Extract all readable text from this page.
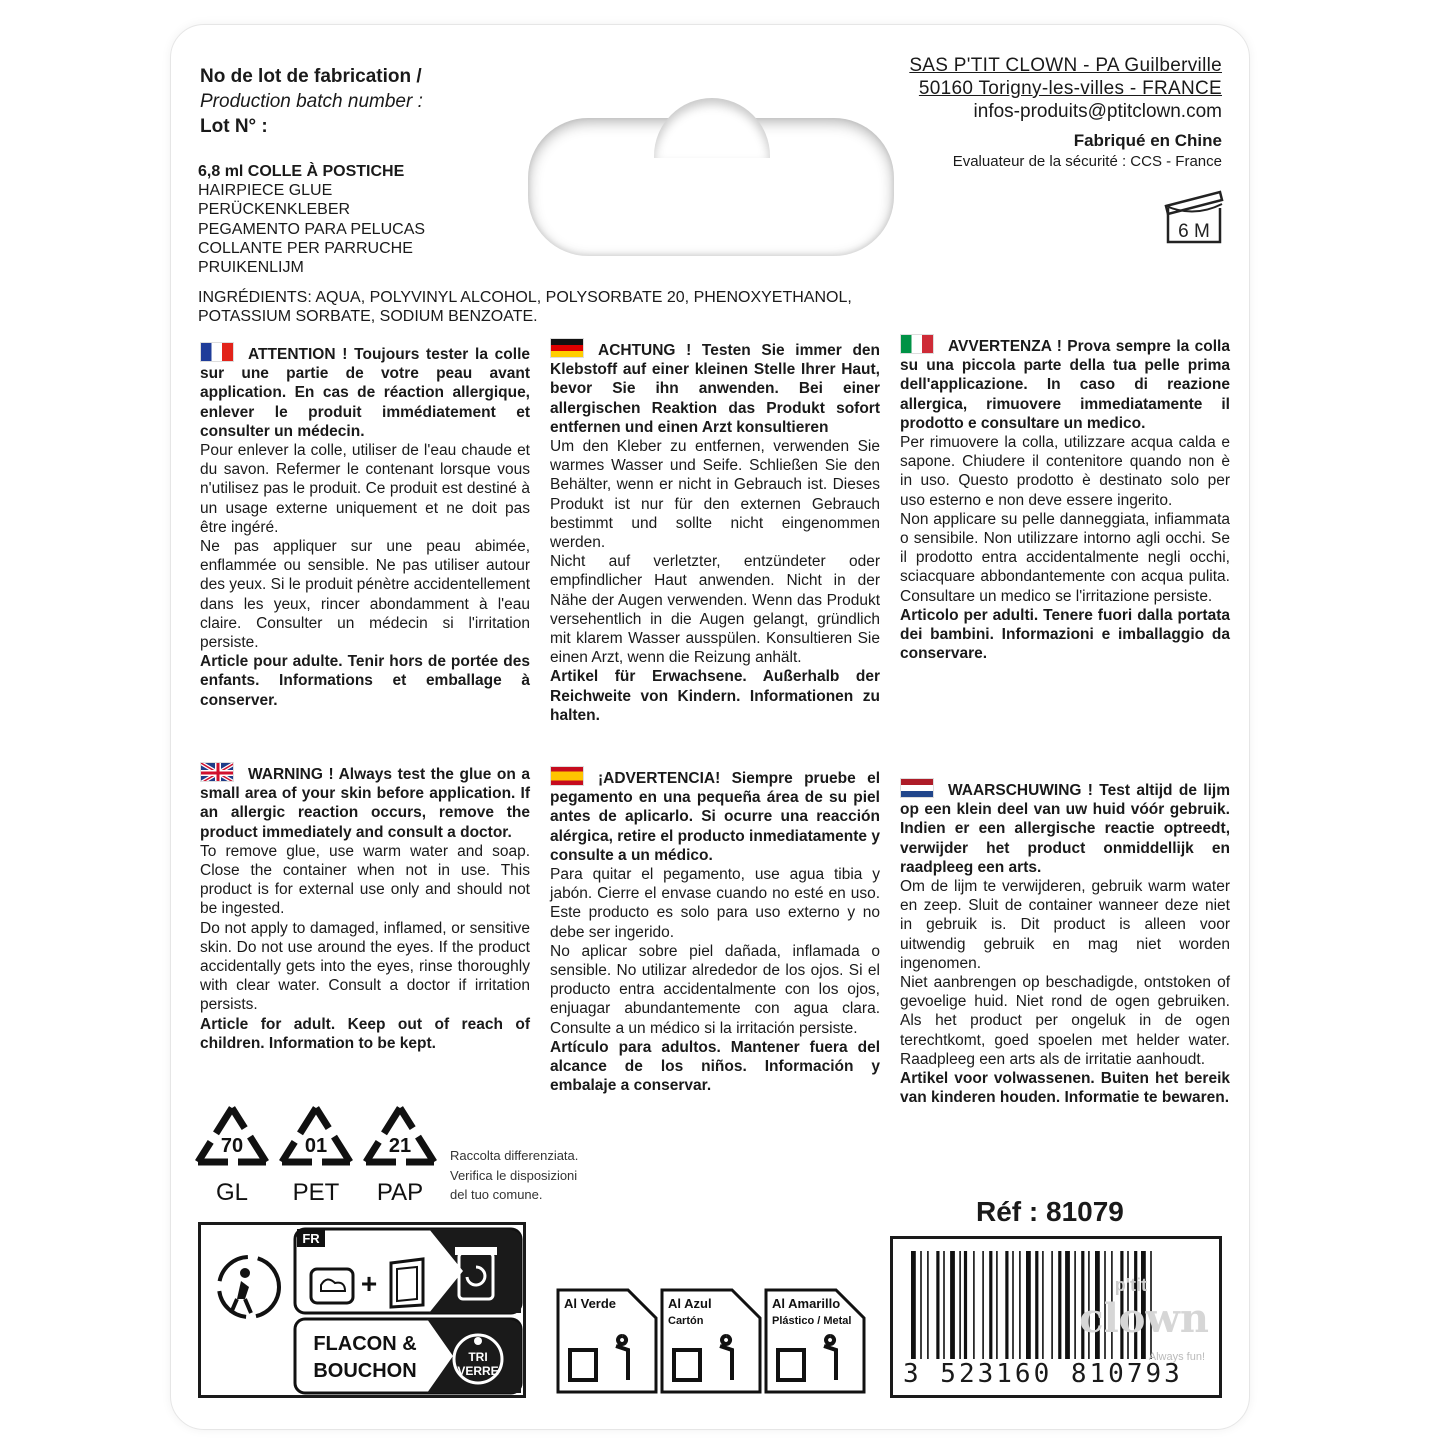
No de lot de fabrication /
Production batch number :
Lot N° :
6,8 ml COLLE À POSTICHE
HAIRPIECE GLUE
PERÜCKENKLEBER
PEGAMENTO PARA PELUCAS
COLLANTE PER PARRUCHE
PRUIKENLIJM
INGRÉDIENTS: AQUA, POLYVINYL ALCOHOL, POLYSORBATE 20, PHENOXYETHANOL,
POTASSIUM SORBATE, SODIUM BENZOATE.
SAS P'TIT CLOWN - PA Guilberville
50160 Torigny-les-villes - FRANCE
infos-produits@ptitclown.com
Fabriqué en Chine
Evaluateur de la sécurité : CCS - France
6 M

ATTENTION ! Toujours tester la colle sur une partie de votre peau avant application. En cas de réaction allergique, enlever le produit immédiatement et consulter un médecin.

Pour enlever la colle, utiliser de l'eau chaude et du savon. Refermer le contenant lorsque vous n'utilisez pas le produit. Ce produit est destiné à un usage externe uniquement et ne doit pas être ingéré.

Ne pas appliquer sur une peau abimée, enflammée ou sensible. Ne pas utiliser autour des yeux. Si le produit pénètre accidentellement dans les yeux, rincer abondamment à l'eau claire. Consulter un médecin si l'irritation persiste.

Article pour adulte. Tenir hors de portée des enfants. Informations et emballage à conserver.

WARNING ! Always test the glue on a small area of your skin before application. If an allergic reaction occurs, remove the product immediately and consult a doctor.

To remove glue, use warm water and soap. Close the container when not in use. This product is for external use only and should not be ingested.

Do not apply to damaged, inflamed, or sensitive skin. Do not use around the eyes. If the product accidentally gets into the eyes, rinse thoroughly with clear water. Consult a doctor if irritation persists.

Article for adult. Keep out of reach of children. Information to be kept.

ACHTUNG ! Testen Sie immer den Klebstoff auf einer kleinen Stelle Ihrer Haut, bevor Sie ihn anwenden. Bei einer allergischen Reaktion das Produkt sofort entfernen und einen Arzt konsultieren

Um den Kleber zu entfernen, verwenden Sie warmes Wasser und Seife. Schließen Sie den Behälter, wenn er nicht in Gebrauch ist. Dieses Produkt ist nur für den externen Gebrauch bestimmt und sollte nicht eingenommen werden.

Nicht auf verletzter, entzündeter oder empfindlicher Haut anwenden. Nicht in der Nähe der Augen verwenden. Wenn das Produkt versehentlich in die Augen gelangt, gründlich mit klarem Wasser ausspülen. Konsultieren Sie einen Arzt, wenn die Reizung anhält.

Artikel für Erwachsene. Außerhalb der Reichweite von Kindern. Informationen zu halten.

¡ADVERTENCIA! Siempre pruebe el pegamento en una pequeña área de su piel antes de aplicarlo. Si ocurre una reacción alérgica, retire el producto inmediatamente y consulte a un médico.

Para quitar el pegamento, use agua tibia y jabón. Cierre el envase cuando no esté en uso. Este producto es solo para uso externo y no debe ser ingerido.

No aplicar sobre piel dañada, inflamada o sensible. No utilizar alrededor de los ojos. Si el producto entra accidentalmente con los ojos, enjuagar abundantemente con agua clara. Consulte a un médico si la irritación persiste.

Artículo para adultos. Mantener fuera del alcance de los niños. Información y embalaje a conservar.

AVVERTENZA ! Prova sempre la colla su una piccola parte della tua pelle prima dell'applicazione. In caso di reazione allergica, rimuovere immediatamente il prodotto e consultare un medico.

Per rimuovere la colla, utilizzare acqua calda e sapone. Chiudere il contenitore quando non è in uso. Questo prodotto è destinato solo per uso esterno e non deve essere ingerito.

Non applicare su pelle danneggiata, infiammata o sensibile. Non utilizzare intorno agli occhi. Se il prodotto entra accidentalmente negli occhi, sciacquare abbondantemente con acqua pulita. Consultare un medico se l'irritazione persiste.

Articolo per adulti. Tenere fuori dalla portata dei bambini. Informazioni e imballaggio da conservare.

WAARSCHUWING ! Test altijd de lijm op een klein deel van uw huid vóór gebruik. Indien er een allergische reactie optreedt, verwijder het product onmiddellijk en raadpleeg een arts.

Om de lijm te verwijderen, gebruik warm water en zeep. Sluit de container wanneer deze niet in gebruik is. Dit product is alleen voor uitwendig gebruik en mag niet worden ingenomen.

Niet aanbrengen op beschadigde, ontstoken of gevoelige huid. Niet rond de ogen gebruiken. Als het product per ongeluk in de ogen terechtkomt, goed spoelen met helder water. Raadpleeg een arts als de irritatie aanhoudt.

Artikel voor volwassenen. Buiten het bereik van kinderen houden. Informatie te bewaren.

70
GL
01
PET
21
PAP
Raccolta differenziata.
Verifica le disposizioni
del tuo comune.
FR
+
FLACON &
BOUCHON
TRI
VERRE
Al Verde	Al Azul
Cartón
Al Amarillo
Plástico / Metal
Réf : 81079
p'tit
clown
Always fun!
3 523160 810793
